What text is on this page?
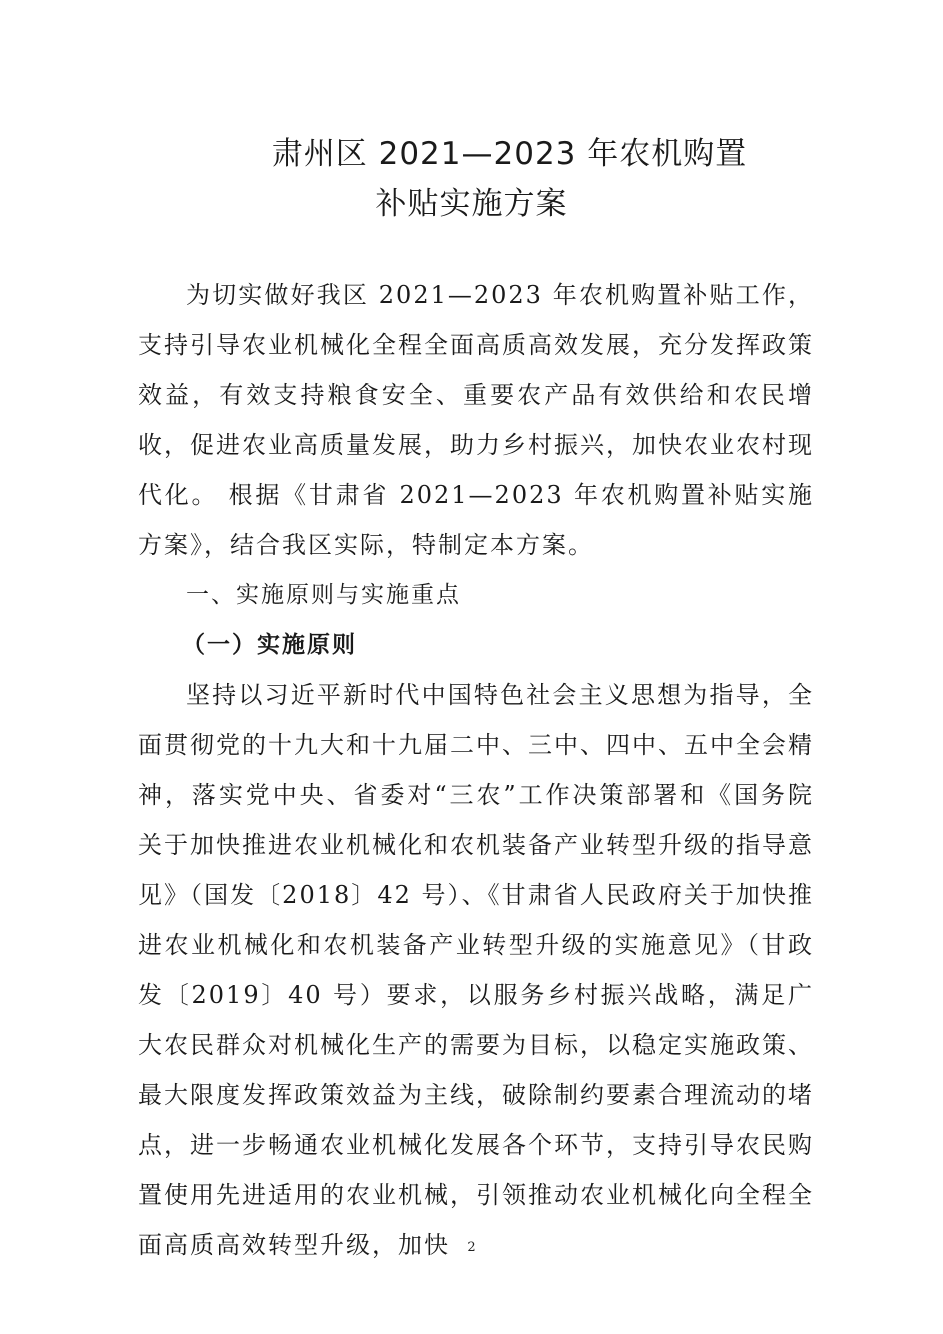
肃州区 2021—2023 年农机购置
补贴实施方案

为切实做好我区 2021—2023 年农机购置补贴工作，支持引导农业机械化全程全面高质高效发展，充分发挥政策效益，有效支持粮食安全、重要农产品有效供给和农民增收，促进农业高质量发展，助力乡村振兴，加快农业农村现代化。 根据《甘肃省 2021—2023 年农机购置补贴实施方案》，结合我区实际，特制定本方案。

一、实施原则与实施重点

（一）实施原则

坚持以习近平新时代中国特色社会主义思想为指导，全面贯彻党的十九大和十九届二中、三中、四中、五中全会精神，落实党中央、省委对“三农”工作决策部署和《国务院关于加快推进农业机械化和农机装备产业转型升级的指导意见》（国发〔2018〕42 号）、《甘肃省人民政府关于加快推进农业机械化和农机装备产业转型升级的实施意见》（甘政发〔2019〕40 号）要求，以服务乡村振兴战略，满足广大农民群众对机械化生产的需要为目标，以稳定实施政策、最大限度发挥政策效益为主线，破除制约要素合理流动的堵点，进一步畅通农业机械化发展各个环节，支持引导农民购置使用先进适用的农业机械，引领推动农业机械化向全程全面高质高效转型升级，加快	2
